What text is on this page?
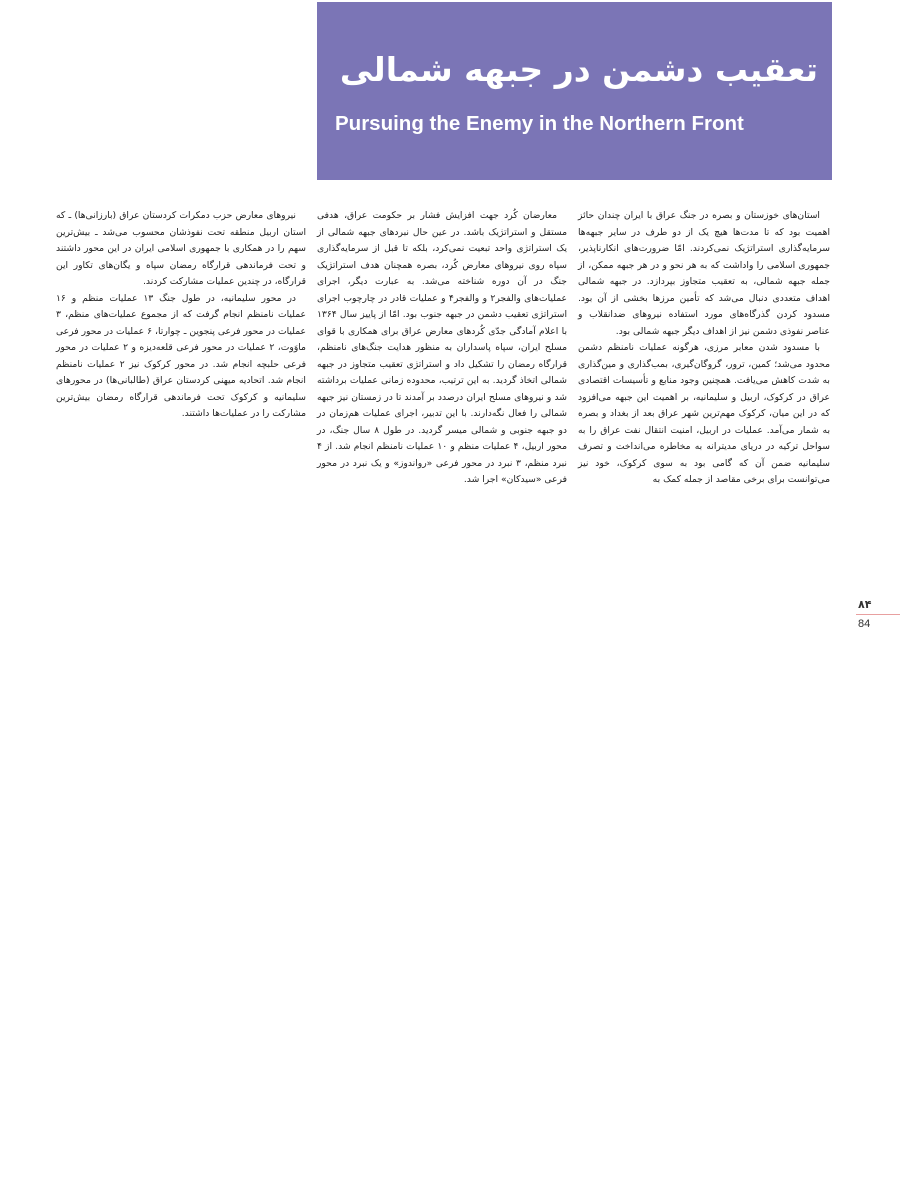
تعقیب دشمن در جبهه شمالی
Pursuing the Enemy in the Northern Front

استان‌های خوزستان و بصره در جنگ عراق با ایران چندان حائز اهمیت بود که تا مدت‌ها هیچ یک از دو طرف در سایر جبهه‌ها سرمایه‌گذاری استراتژیک نمی‌کردند. امّا ضرورت‌های انکارناپذیر، جمهوری اسلامی را واداشت که به هر نحو و در هر جبهه ممکن، از جمله جبهه شمالی، به تعقیب متجاوز بپردازد. در جبهه شمالی اهداف متعددی دنبال می‌شد که تأمین مرزها بخشی از آن بود. مسدود کردن گذرگاه‌های مورد استفاده نیروهای ضدانقلاب و عناصر نفوذی دشمن نیز از اهداف دیگر جبهه شمالی بود.

با مسدود شدن معابر مرزی، هرگونه عملیات نامنظم دشمن محدود می‌شد؛ کمین، ترور، گروگان‌گیری، بمب‌گذاری و مین‌گذاری به شدت کاهش می‌یافت. همچنین وجود منابع و تأسیسات اقتصادی عراق در کرکوک، اربیل و سلیمانیه، بر اهمیت این جبهه می‌افزود که در این میان، کرکوک مهم‌ترین شهر عراق بعد از بغداد و بصره به شمار می‌آمد. عملیات در اربیل، امنیت انتقال نفت عراق را به سواحل ترکیه در دریای مدیترانه به مخاطره می‌انداخت و تصرف سلیمانیه ضمن آن که گامی بود به سوی کرکوک، خود نیز می‌توانست برای برخی مقاصد از جمله کمک به

معارضان کُرد جهت افزایش فشار بر حکومت عراق، هدفی مستقل و استراتژیک باشد. در عین حال نبردهای جبهه شمالی از یک استراتژی واحد تبعیت نمی‌کرد، بلکه تا قبل از سرمایه‌گذاری سپاه روی نیروهای معارض کُرد، بصره همچنان هدف استراتژیک جنگ در آن دوره شناخته می‌شد. به عبارت دیگر، اجرای عملیات‌های والفجر۲ و والفجر۴ و عملیات قادر در چارچوب اجرای استراتژی تعقیب دشمن در جبهه جنوب بود. امّا از پاییز سال ۱۳۶۴ با اعلام آمادگی جدّی کُردهای معارض عراق برای همکاری با قوای مسلح ایران، سپاه پاسداران به منظور هدایت جنگ‌های نامنظم، قرارگاه رمضان را تشکیل داد و استراتژی تعقیب متجاوز در جبهه شمالی اتخاذ گردید. به این ترتیب، محدوده زمانی عملیات برداشته شد و نیروهای مسلح ایران درصدد بر آمدند تا در زمستان نیز جبهه شمالی را فعال نگه‌دارند. با این تدبیر، اجرای عملیات هم‌زمان در دو جبهه جنوبی و شمالی میسر گردید. در طول ۸ سال جنگ، در محور اربیل، ۴ عملیات منظم و ۱۰ عملیات نامنظم انجام شد. از ۴ نبرد منظم، ۳ نبرد در محور فرعی «رواندوز» و یک نبرد در محور فرعی «سیدکان» اجرا شد.

نیروهای معارض حزب دمکرات کردستان عراق (بارزانی‌ها) ـ که استان اربیل منطقه تحت نفوذشان محسوب می‌شد ـ بیش‌ترین سهم را در همکاری با جمهوری اسلامی ایران در این محور داشتند و تحت فرماندهی قرارگاه رمضان سپاه و یگان‌های تکاور این قرارگاه، در چندین عملیات مشارکت کردند.

در محور سلیمانیه، در طول جنگ ۱۳ عملیات منظم و ۱۶ عملیات نامنظم انجام گرفت که از مجموع عملیات‌های منظم، ۳ عملیات در محور فرعی پنجوین ـ چوارتا، ۶ عملیات در محور فرعی ماوَوت، ۲ عملیات در محور فرعی قلعه‌دیزه و ۲ عملیات در محور فرعی حلبچه انجام شد. در محور کرکوک نیز ۲ عملیات نامنظم انجام شد. اتحادیه میهنی کردستان عراق (طالبانی‌ها) در محورهای سلیمانیه و کرکوک تحت فرماندهی قرارگاه رمضان بیش‌ترین مشارکت را در عملیات‌ها داشتند.

۸۴
84
